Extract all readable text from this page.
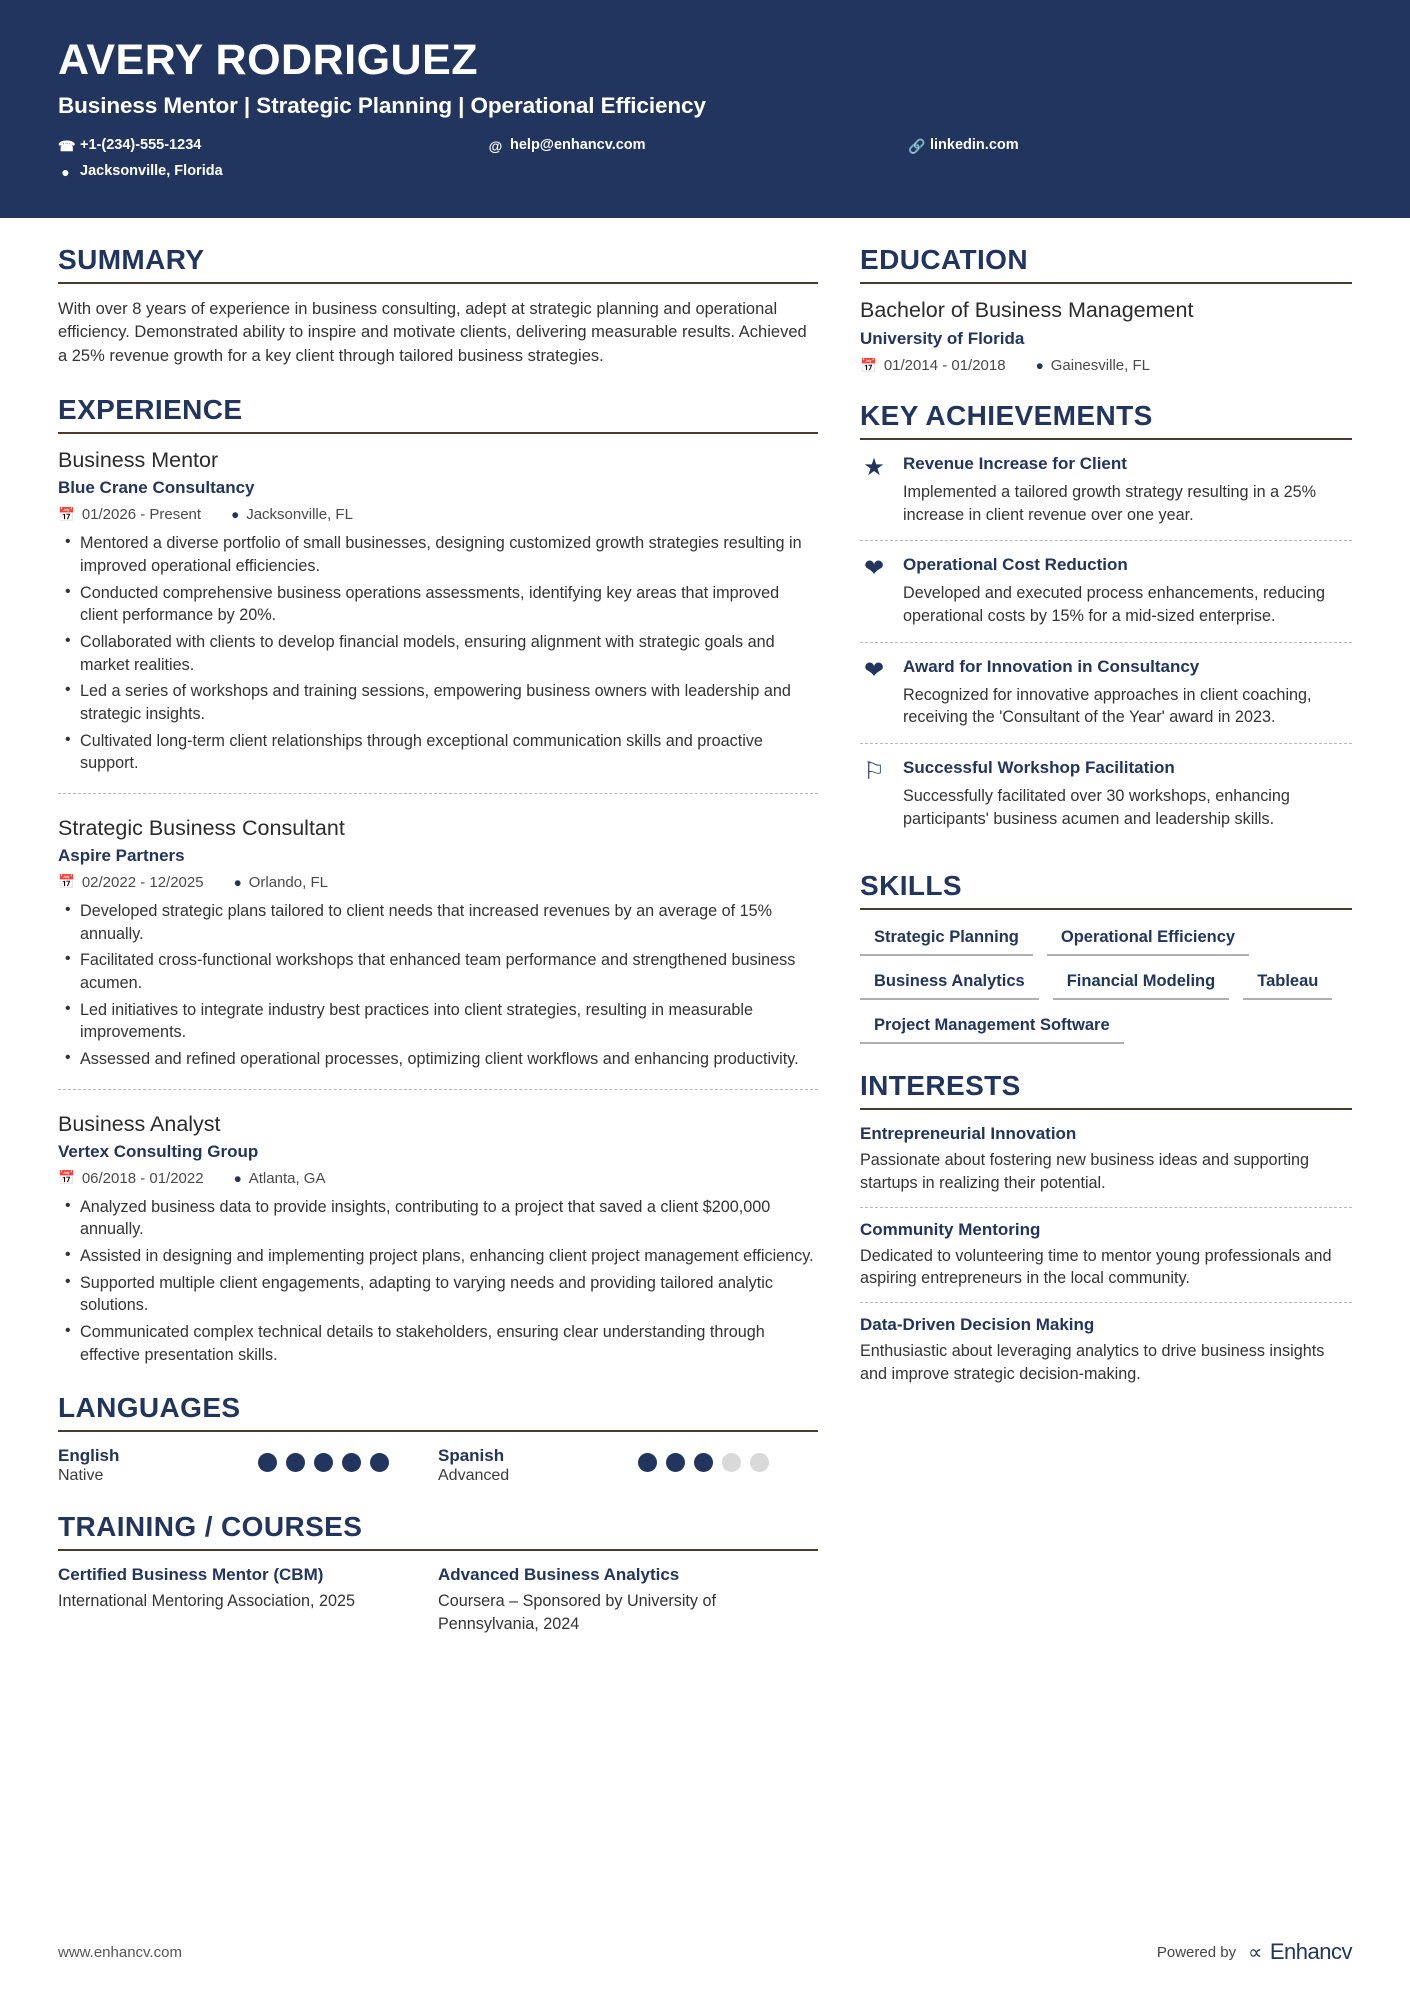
AVERY RODRIGUEZ
Business Mentor | Strategic Planning | Operational Efficiency
☎ +1-(234)-555-1234	@ help@enhancv.com	🔗 linkedin.com
● Jacksonville, Florida
SUMMARY
With over 8 years of experience in business consulting, adept at strategic planning and operational efficiency. Demonstrated ability to inspire and motivate clients, delivering measurable results. Achieved a 25% revenue growth for a key client through tailored business strategies.
EXPERIENCE
Business Mentor
Blue Crane Consultancy
📅 01/2026 - Present ● Jacksonville, FL
• Mentored a diverse portfolio of small businesses, designing customized growth strategies resulting in improved operational efficiencies.
• Conducted comprehensive business operations assessments, identifying key areas that improved client performance by 20%.
• Collaborated with clients to develop financial models, ensuring alignment with strategic goals and market realities.
• Led a series of workshops and training sessions, empowering business owners with leadership and strategic insights.
• Cultivated long-term client relationships through exceptional communication skills and proactive support.
Strategic Business Consultant
Aspire Partners
📅 02/2022 - 12/2025 ● Orlando, FL
• Developed strategic plans tailored to client needs that increased revenues by an average of 15% annually.
• Facilitated cross-functional workshops that enhanced team performance and strengthened business acumen.
• Led initiatives to integrate industry best practices into client strategies, resulting in measurable improvements.
• Assessed and refined operational processes, optimizing client workflows and enhancing productivity.
Business Analyst
Vertex Consulting Group
📅 06/2018 - 01/2022 ● Atlanta, GA
• Analyzed business data to provide insights, contributing to a project that saved a client $200,000 annually.
• Assisted in designing and implementing project plans, enhancing client project management efficiency.
• Supported multiple client engagements, adapting to varying needs and providing tailored analytic solutions.
• Communicated complex technical details to stakeholders, ensuring clear understanding through effective presentation skills.
LANGUAGES
English
Native
Spanish
Advanced
TRAINING / COURSES
Certified Business Mentor (CBM)
International Mentoring Association, 2025
Advanced Business Analytics
Coursera – Sponsored by University of Pennsylvania, 2024
EDUCATION
Bachelor of Business Management
University of Florida
📅 01/2014 - 01/2018 ● Gainesville, FL
KEY ACHIEVEMENTS
★ Revenue Increase for Client
Implemented a tailored growth strategy resulting in a 25% increase in client revenue over one year.
❤ Operational Cost Reduction
Developed and executed process enhancements, reducing operational costs by 15% for a mid-sized enterprise.
❤ Award for Innovation in Consultancy
Recognized for innovative approaches in client coaching, receiving the 'Consultant of the Year' award in 2023.
⚐ Successful Workshop Facilitation
Successfully facilitated over 30 workshops, enhancing participants' business acumen and leadership skills.
SKILLS
Strategic Planning	Operational Efficiency
Business Analytics	Financial Modeling	Tableau
Project Management Software
INTERESTS
Entrepreneurial Innovation
Passionate about fostering new business ideas and supporting startups in realizing their potential.
Community Mentoring
Dedicated to volunteering time to mentor young professionals and aspiring entrepreneurs in the local community.
Data-Driven Decision Making
Enthusiastic about leveraging analytics to drive business insights and improve strategic decision-making.
www.enhancv.com	Powered by ∝ Enhancv
